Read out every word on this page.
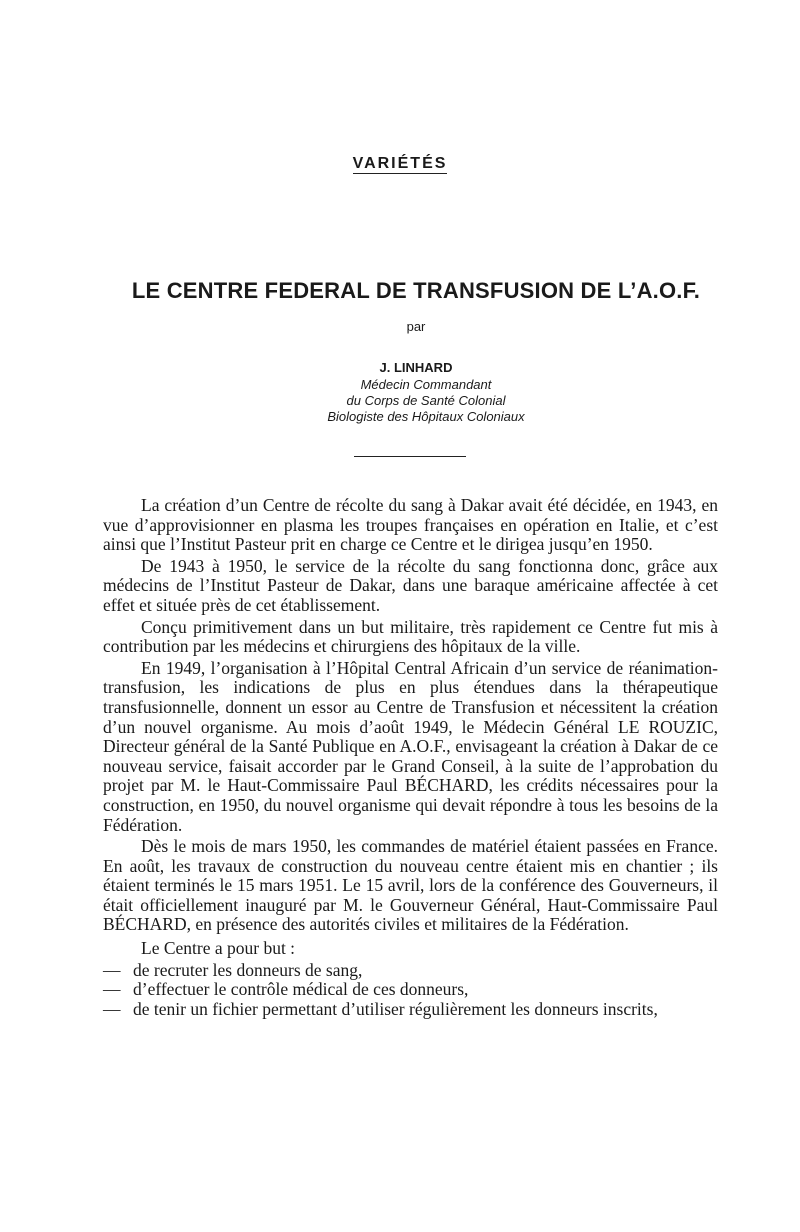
VARIÉTÉS
LE CENTRE FEDERAL DE TRANSFUSION DE L’A.O.F.
par
J. LINHARD
Médecin Commandant
du Corps de Santé Colonial
Biologiste des Hôpitaux Coloniaux

La création d’un Centre de récolte du sang à Dakar avait été décidée, en 1943, en vue d’approvisionner en plasma les troupes françaises en opération en Italie, et c’est ainsi que l’Institut Pasteur prit en charge ce Centre et le dirigea jusqu’en 1950.

De 1943 à 1950, le service de la récolte du sang fonctionna donc, grâce aux médecins de l’Institut Pasteur de Dakar, dans une baraque américaine affectée à cet effet et située près de cet établissement.

Conçu primitivement dans un but militaire, très rapidement ce Centre fut mis à contribution par les médecins et chirurgiens des hôpitaux de la ville.

En 1949, l’organisation à l’Hôpital Central Africain d’un service de réanimation-transfusion, les indications de plus en plus étendues dans la thérapeutique transfusionnelle, donnent un essor au Centre de Transfusion et nécessitent la création d’un nouvel organisme. Au mois d’août 1949, le Médecin Général LE ROUZIC, Directeur général de la Santé Publique en A.O.F., envisageant la création à Dakar de ce nouveau service, faisait accorder par le Grand Conseil, à la suite de l’approbation du projet par M. le Haut-Commissaire Paul BÉCHARD, les crédits nécessaires pour la construction, en 1950, du nouvel organisme qui devait répondre à tous les besoins de la Fédération.

Dès le mois de mars 1950, les commandes de matériel étaient passées en France. En août, les travaux de construction du nouveau centre étaient mis en chantier ; ils étaient terminés le 15 mars 1951. Le 15 avril, lors de la conférence des Gouverneurs, il était officiellement inauguré par M. le Gouverneur Général, Haut-Commissaire Paul BÉCHARD, en présence des autorités civiles et militaires de la Fédération.

Le Centre a pour but :

— de recruter les donneurs de sang,
— d’effectuer le contrôle médical de ces donneurs,
— de tenir un fichier permettant d’utiliser régulièrement les donneurs inscrits,
